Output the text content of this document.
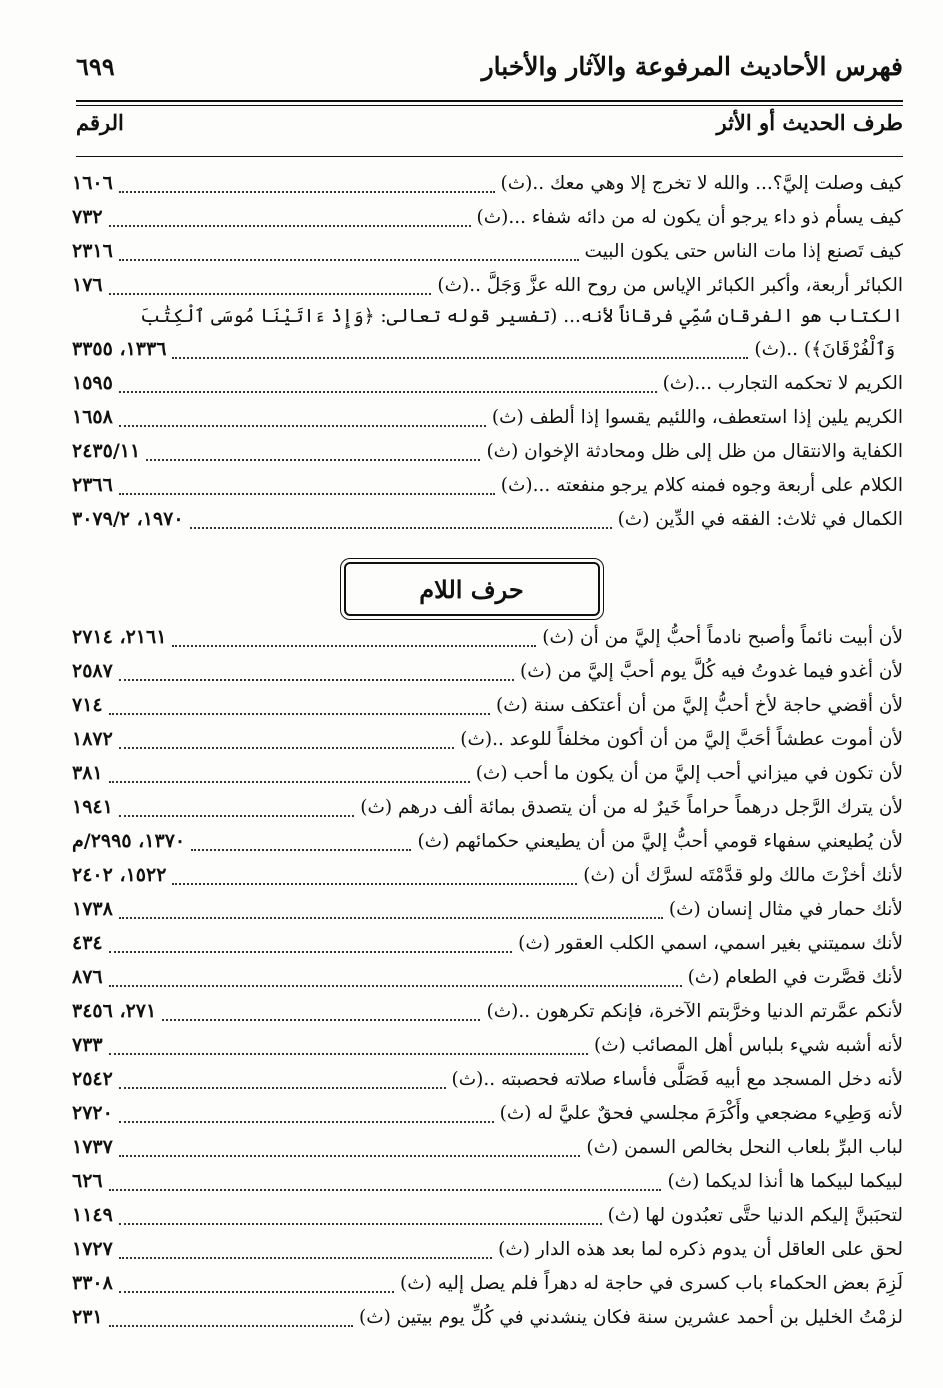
فهرس الأحاديث المرفوعة والآثار والأخبار
٦٩٩
طرف الحديث أو الأثر
الرقم
كيف وصلت إليَّ؟... والله لا تخرج إلا وهي معك ..(ث)
١٦٠٦
كيف يسأم ذو داء يرجو أن يكون له من دائه شفاء ...(ث)
٧٣٢
كيف تَصنع إذا مات الناس حتى يكون البيت
٢٣١٦
الكبائر أربعة، وأكبر الكبائر الإياس من روح الله عزَّ وَجَلَّ ..(ث)
١٧٦
الكتاب هو الفرقان سُمِّي فرقاناً لأنه... (تفسير قوله تعالى: ﴿وَإِذْ ءَاتَيْنَا مُوسَى ٱلْكِتَٰبَ
وَٱلْفُرْقَانَ﴾) ..(ث)
١٣٣٦، ٣٣٥٥
الكريم لا تحكمه التجارب ...(ث)
١٥٩٥
الكريم يلين إذا استعطف، واللئيم يقسوا إذا ألطف (ث)
١٦٥٨
الكفاية والانتقال من ظل إلى ظل ومحادثة الإخوان (ث)
٢٤٣٥/١١
الكلام على أربعة وجوه فمنه كلام يرجو منفعته ...(ث)
٢٣٦٦
الكمال في ثلاث: الفقه في الدِّين (ث)
١٩٧٠، ٣٠٧٩/٢
حرف اللام
لأن أبيت نائماً وأصبح نادماً أحبُّ إليَّ من أن (ث)
٢١٦١، ٢٧١٤
لأن أغدو فيما غدوتُ فيه كُلَّ يوم أحبَّ إليَّ من (ث)
٢٥٨٧
لأن أقضي حاجة لأخ أحبُّ إليَّ من أن أعتكف سنة (ث)
٧١٤
لأن أموت عطشاً أحَبَّ إليَّ من أن أكون مخلفاً للوعد ..(ث)
١٨٧٢
لأن تكون في ميزاني أحب إليَّ من أن يكون ما أحب (ث)
٣٨١
لأن يترك الرَّجل درهماً حراماً خَيرٌ له من أن يتصدق بمائة ألف درهم (ث)
١٩٤١
لأن يُطيعني سفهاء قومي أحبُّ إليَّ من أن يطيعني حكمائهم (ث)
١٣٧٠، ٢٩٩٥/م
لأنك أخزْتَ مالك ولو قدَّمْتَه لسرَّك أن (ث)
١٥٢٢، ٢٤٠٢
لأنك حمار في مثال إنسان (ث)
١٧٣٨
لأنك سميتني بغير اسمي، اسمي الكلب العقور (ث)
٤٣٤
لأنك قصَّرت في الطعام (ث)
٨٧٦
لأنكم عمَّرتم الدنيا وخرَّبتم الآخرة، فإنكم تكرهون ..(ث)
٢٧١، ٣٤٥٦
لأنه أشبه شيء بلباس أهل المصائب (ث)
٧٣٣
لأنه دخل المسجد مع أبيه فَصَلَّى فأساء صلاته فحصبته ..(ث)
٢٥٤٢
لأنه وَطِيء مضجعي وأَكْرَمَ مجلسي فحقٌ عليَّ له (ث)
٢٧٢٠
لباب البرِّ بلعاب النحل بخالص السمن (ث)
١٧٣٧
لبيكما لبيكما ها أنذا لديكما (ث)
٦٢٦
لتحبَبنَّ إليكم الدنيا حتَّى تعبُدون لها (ث)
١١٤٩
لحق على العاقل أن يدوم ذكره لما بعد هذه الدار (ث)
١٧٢٧
لَزِمَ بعض الحكماء باب كسرى في حاجة له دهراً فلم يصل إليه (ث)
٣٣٠٨
لزمْتُ الخليل بن أحمد عشرين سنة فكان ينشدني في كُلِّ يوم بيتين (ث)
٢٣١
